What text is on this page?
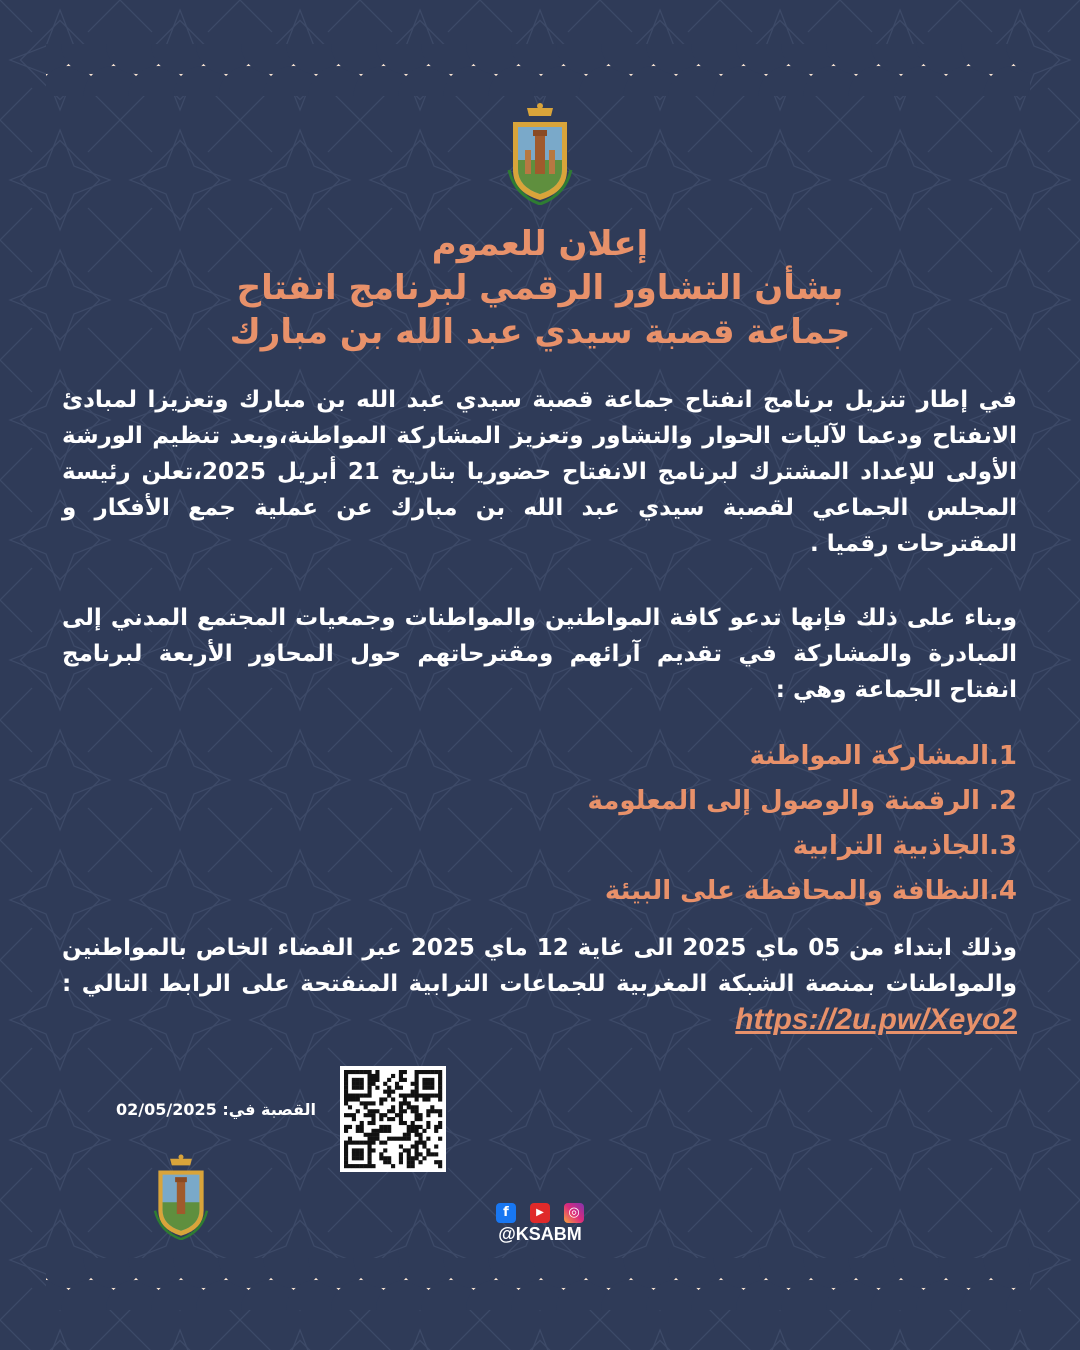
إعلان للعموم
بشأن التشاور الرقمي لبرنامج انفتاح
جماعة قصبة سيدي عبد الله بن مبارك
في إطار تنزيل برنامج انفتاح جماعة قصبة سيدي عبد الله بن مبارك وتعزيزا لمبادئ الانفتاح ودعما لآليات الحوار والتشاور وتعزيز المشاركة المواطنة،وبعد تنظيم الورشة الأولى للإعداد المشترك لبرنامج الانفتاح حضوريا بتاريخ 21 أبريل 2025،تعلن رئيسة المجلس الجماعي لقصبة سيدي عبد الله بن مبارك عن عملية جمع الأفكار و المقترحات رقميا .
وبناء على ذلك فإنها تدعو كافة المواطنين والمواطنات وجمعيات المجتمع المدني إلى المبادرة والمشاركة في تقديم آرائهم ومقترحاتهم حول المحاور الأربعة لبرنامج انفتاح الجماعة وهي :
1.المشاركة المواطنة
2. الرقمنة والوصول إلى المعلومة
3.الجاذبية الترابية
4.النظافة والمحافظة على البيئة
وذلك ابتداء من 05 ماي 2025 الى غاية 12 ماي 2025 عبر الفضاء الخاص بالمواطنين والمواطنات بمنصة الشبكة المغربية للجماعات الترابية المنفتحة على الرابط التالي : https://2u.pw/Xeyo2
القصبة في: 02/05/2025
f	▶	◎
@KSABM
